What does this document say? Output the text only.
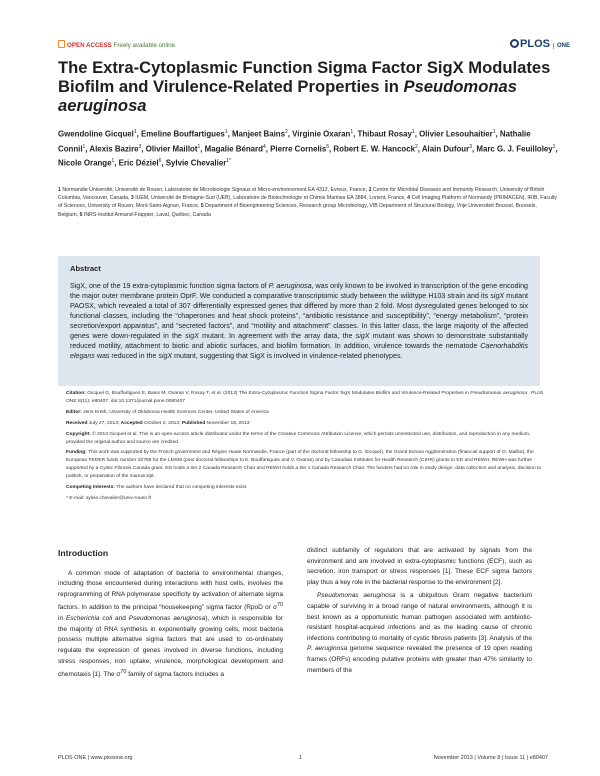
OPEN ACCESS Freely available online	PLOS ONE
The Extra-Cytoplasmic Function Sigma Factor SigX Modulates Biofilm and Virulence-Related Properties in Pseudomonas aeruginosa
Gwendoline Gicquel$^1$, Emeline Bouffartigues$^1$, Manjeet Bains$^2$, Virginie Oxaran$^1$, Thibaut Rosay$^1$, Olivier Lesouhaitier$^1$, Nathalie Connil$^1$, Alexis Bazire$^3$, Olivier Maillot$^1$, Magalie Bénard$^4$, Pierre Cornelis$^5$, Robert E. W. Hancock$^2$, Alain Dufour$^3$, Marc G. J. Feuilloley$^1$, Nicole Orange$^1$, Eric Déziel$^6$, Sylvie Chevalier$^{1*}$
1 Normandie Université, Université de Rouen, Laboratoire de Microbiologie Signaux et Micro-environnement EA 4312, Evreux, France, 2 Centre for Microbial Diseases and Immunity Research, University of British Columbia, Vancouver, Canada, 3 IUEM, Université de Bretagne-Sud (UEB), Laboratoire de Biotechnologie et Chimie Marines EA 3884, Lorient, France, 4 Cell Imaging Platform of Normandy (PRIMACEN), IRIB, Faculty of Sciences, University of Rouen, Mont-Saint-Aignan, France, 5 Department of Bioengineering Sciences, Research group Microbiology, VIB Department of Structural Biology, Vrije Universiteit Brussel, Brussels, Belgium, 6 INRS-Institut Armand-Frappier, Laval, Québec, Canada
Abstract

SigX, one of the 19 extra-cytoplasmic function sigma factors of P. aeruginosa, was only known to be involved in transcription of the gene encoding the major outer membrane protein OprF. We conducted a comparative transcriptomic study between the wildtype H103 strain and its sigX mutant PAOSX, which revealed a total of 307 differentially expressed genes that differed by more than 2 fold. Most dysregulated genes belonged to six functional classes, including the “chaperones and heat shock proteins”, “antibiotic resistance and susceptibility”, “energy metabolism”, “protein secretion/export apparatus”, and “secreted factors”, and “motility and attachment” classes. In this latter class, the large majority of the affected genes were down-regulated in the sigX mutant. In agreement with the array data, the sigX mutant was shown to demonstrate substantially reduced motility, attachment to biotic and abiotic surfaces, and biofilm formation. In addition, virulence towards the nematode Caenorhabditis elegans was reduced in the sigX mutant, suggesting that SigX is involved in virulence-related phenotypes.

Citation: Gicquel G, Bouffartigues E, Bains M, Oxaran V, Rosay T, et al. (2013) The Extra-Cytoplasmic Function Sigma Factor SigX Modulates Biofilm and Virulence-Related Properties in Pseudomonas aeruginosa . PLoS ONE 8(11): e80407. doi:10.1371/journal.pone.0080407

Editor: Jens Kreth, University of Oklahoma Health Sciences Center, United States of America

Received July 27, 2013; Accepted October 2, 2013; Published November 18, 2013

Copyright: © 2013 Gicquel et al. This is an open-access article distributed under the terms of the Creative Commons Attribution License, which permits unrestricted use, distribution, and reproduction in any medium, provided the original author and source are credited.

Funding: This work was supported by the French government and Région Haute Normandie, France (part of the doctoral fellowship to G. Gicquel), the Grand Evreux Agglomération (financial support of O. Maillot), the European FEDER funds number 32789 for the LMSM (post doctoral fellowships to E. Bouffartigues and V. Oxaran) and by Canadian Institutes for Health Research (CIHR) grants to ED and REWH. REWH was further supported by a Cystic Fibrosis Canada grant. ED holds a tier 2 Canada Research Chair and REWH holds a tier 1 Canada Research Chair. The funders had no role in study design, data collection and analysis, decision to publish, or preparation of the manuscript.

Competing Interests: The authors have declared that no competing interests exist.

* E-mail: sylvie.chevalier@univ-rouen.fr

Introduction

A common mode of adaptation of bacteria to environmental changes, including those encountered during interactions with host cells, involves the reprogramming of RNA polymerase specificity by activation of alternate sigma factors. In addition to the principal “housekeeping” sigma factor (RpoD or $\sigma^{70}$ in Escherichia coli and Pseudomonas aeruginosa), which is responsible for the majority of RNA synthesis in exponentially growing cells, most bacteria possess multiple alternative sigma factors that are used to co-ordinately regulate the expression of genes involved in diverse functions, including stress responses, iron uptake, virulence, morphological development and chemotaxis [1]. The $\sigma^{70}$ family of sigma factors includes a

distinct subfamily of regulators that are activated by signals from the environment and are involved in extra-cytoplasmic functions (ECF), such as secretion, iron transport or stress responses [1]. These ECF sigma factors play thus a key role in the bacterial response to the environment [2].

Pseudomonas aeruginosa is a ubiquitous Gram negative bacterium capable of surviving in a broad range of natural environments, although it is best known as a opportunistic human pathogen associated with antibiotic-resistant hospital-acquired infections and as the leading cause of chronic infections contributing to mortality of cystic fibrosis patients [3]. Analysis of the P. aeruginosa genome sequence revealed the presence of 19 open reading frames (ORFs) encoding putative proteins with greater than 47% similarity to members of the

PLOS ONE | www.plosone.org	1	November 2013 | Volume 8 | Issue 11 | e80407
